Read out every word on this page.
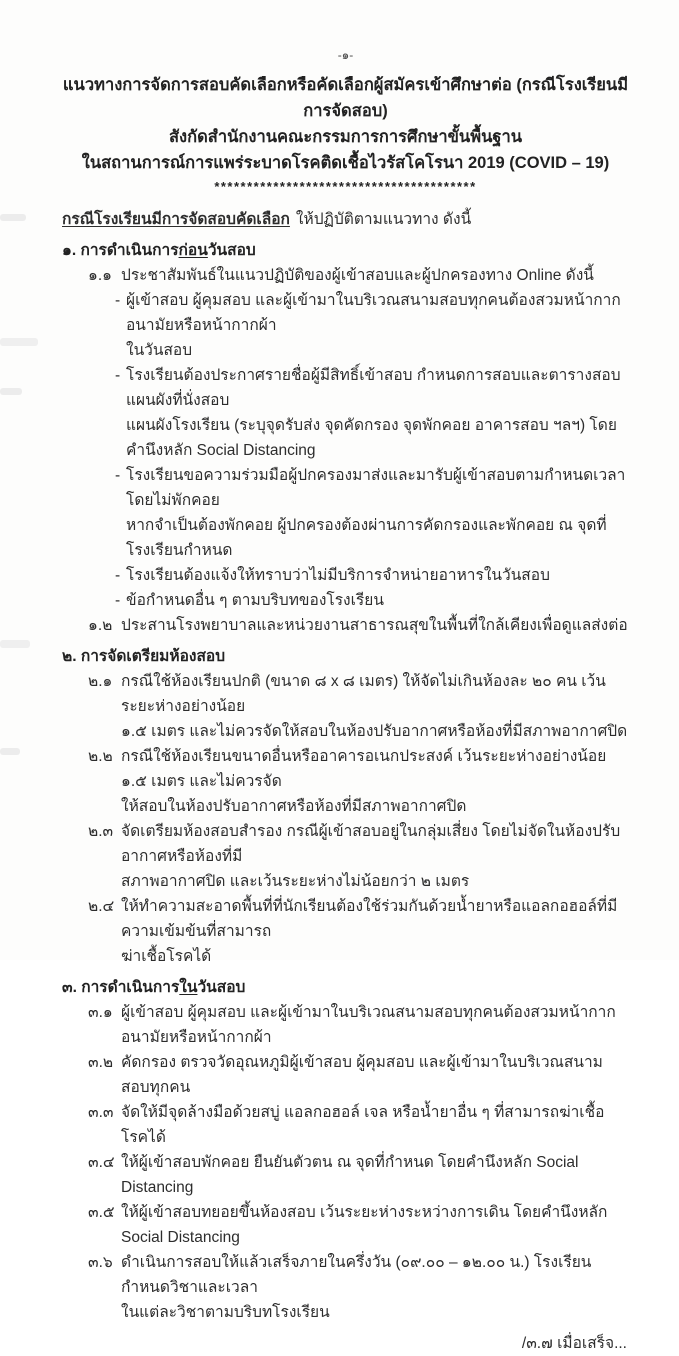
-๑-
แนวทางการจัดการสอบคัดเลือกหรือคัดเลือกผู้สมัครเข้าศึกษาต่อ (กรณีโรงเรียนมีการจัดสอบ)
สังกัดสำนักงานคณะกรรมการการศึกษาขั้นพื้นฐาน
ในสถานการณ์การแพร่ระบาดโรคติดเชื้อไวรัสโคโรนา 2019 (COVID – 19)
****************************************
กรณีโรงเรียนมีการจัดสอบคัดเลือก ให้ปฏิบัติตามแนวทาง ดังนี้
๑. การดำเนินการก่อนวันสอบ
๑.๑ ประชาสัมพันธ์ในแนวปฏิบัติของผู้เข้าสอบและผู้ปกครองทาง Online ดังนี้
- ผู้เข้าสอบ ผู้คุมสอบ และผู้เข้ามาในบริเวณสนามสอบทุกคนต้องสวมหน้ากากอนามัยหรือหน้ากากผ้า
ในวันสอบ
- โรงเรียนต้องประกาศรายชื่อผู้มีสิทธิ์เข้าสอบ กำหนดการสอบและตารางสอบ แผนผังที่นั่งสอบ
แผนผังโรงเรียน (ระบุจุดรับส่ง จุดคัดกรอง จุดพักคอย อาคารสอบ ฯลฯ) โดยคำนึงหลัก Social Distancing
- โรงเรียนขอความร่วมมือผู้ปกครองมาส่งและมารับผู้เข้าสอบตามกำหนดเวลาโดยไม่พักคอย
หากจำเป็นต้องพักคอย ผู้ปกครองต้องผ่านการคัดกรองและพักคอย ณ จุดที่โรงเรียนกำหนด
- โรงเรียนต้องแจ้งให้ทราบว่าไม่มีบริการจำหน่ายอาหารในวันสอบ
- ข้อกำหนดอื่น ๆ ตามบริบทของโรงเรียน
๑.๒ ประสานโรงพยาบาลและหน่วยงานสาธารณสุขในพื้นที่ใกล้เคียงเพื่อดูแลส่งต่อ
๒. การจัดเตรียมห้องสอบ
๒.๑ กรณีใช้ห้องเรียนปกติ (ขนาด ๘ x ๘ เมตร) ให้จัดไม่เกินห้องละ ๒๐ คน เว้นระยะห่างอย่างน้อย
๑.๕ เมตร และไม่ควรจัดให้สอบในห้องปรับอากาศหรือห้องที่มีสภาพอากาศปิด
๒.๒ กรณีใช้ห้องเรียนขนาดอื่นหรืออาคารอเนกประสงค์ เว้นระยะห่างอย่างน้อย ๑.๕ เมตร และไม่ควรจัด
ให้สอบในห้องปรับอากาศหรือห้องที่มีสภาพอากาศปิด
๒.๓ จัดเตรียมห้องสอบสำรอง กรณีผู้เข้าสอบอยู่ในกลุ่มเสี่ยง โดยไม่จัดในห้องปรับอากาศหรือห้องที่มี
สภาพอากาศปิด และเว้นระยะห่างไม่น้อยกว่า ๒ เมตร
๒.๔ ให้ทำความสะอาดพื้นที่ที่นักเรียนต้องใช้ร่วมกันด้วยน้ำยาหรือแอลกอฮอล์ที่มีความเข้มข้นที่สามารถ
ฆ่าเชื้อโรคได้
๓. การดำเนินการในวันสอบ
๓.๑ ผู้เข้าสอบ ผู้คุมสอบ และผู้เข้ามาในบริเวณสนามสอบทุกคนต้องสวมหน้ากากอนามัยหรือหน้ากากผ้า
๓.๒ คัดกรอง ตรวจวัดอุณหภูมิผู้เข้าสอบ ผู้คุมสอบ และผู้เข้ามาในบริเวณสนามสอบทุกคน
๓.๓ จัดให้มีจุดล้างมือด้วยสบู่ แอลกอฮอล์ เจล หรือน้ำยาอื่น ๆ ที่สามารถฆ่าเชื้อโรคได้
๓.๔ ให้ผู้เข้าสอบพักคอย ยืนยันตัวตน ณ จุดที่กำหนด โดยคำนึงหลัก Social Distancing
๓.๕ ให้ผู้เข้าสอบทยอยขึ้นห้องสอบ เว้นระยะห่างระหว่างการเดิน โดยคำนึงหลัก Social Distancing
๓.๖ ดำเนินการสอบให้แล้วเสร็จภายในครึ่งวัน (๐๙.๐๐ – ๑๒.๐๐ น.) โรงเรียนกำหนดวิชาและเวลา
ในแต่ละวิชาตามบริบทโรงเรียน
/๓.๗ เมื่อเสร็จ...
